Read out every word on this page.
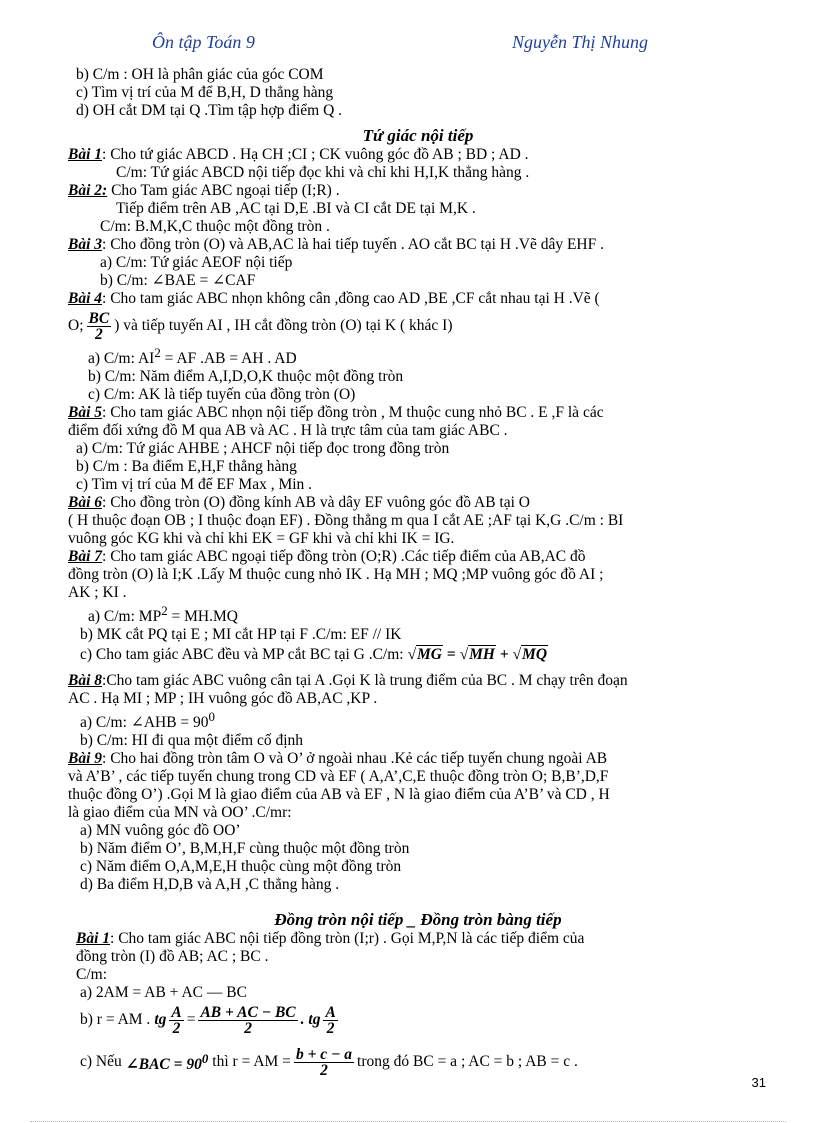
Ôn tập Toán 9	Nguyễn Thị Nhung
b) C/m : OH là phân giác của góc COM
c) Tìm vị trí của M để B,H, D thẳng hàng
d) OH cắt DM tại Q .Tìm tập hợp điểm Q .
Tứ giác nội tiếp
Bài 1: Cho tứ giác ABCD . Hạ CH ;CI ; CK vuông góc đồ AB ; BD ; AD .
C/m: Tứ giác ABCD nội tiếp đọc khi và chỉ khi H,I,K thẳng hàng .
Bài 2: Cho Tam giác ABC ngoại tiếp (I;R) .
Tiếp điểm trên AB ,AC tại D,E .BI và CI cắt DE tại M,K .
C/m: B.M,K,C thuộc một đồng tròn .
Bài 3: Cho đồng tròn (O) và AB,AC là hai tiếp tuyến . AO cắt BC tại H .Vẽ dây EHF .
a) C/m: Tứ giác AEOF nội tiếp
b) C/m: ∠BAE = ∠CAF
Bài 4: Cho tam giác ABC nhọn không cân ,đồng cao AD ,BE ,CF cắt nhau tại H .Vẽ (
O; $\frac{BC}{2}$ ) và tiếp tuyến AI , IH cắt đồng tròn (O) tại K ( khác I)
a) C/m: $AI^2$ = AF .AB = AH . AD
b) C/m: Năm điểm A,I,D,O,K thuộc một đồng tròn
c) C/m: AK là tiếp tuyến của đồng tròn (O)
Bài 5: Cho tam giác ABC nhọn nội tiếp đồng tròn , M thuộc cung nhỏ BC . E ,F là các
điểm đối xứng đồ M qua AB và AC . H là trực tâm của tam giác ABC .
a) C/m: Tứ giác AHBE ; AHCF nội tiếp đọc trong đồng tròn
b) C/m : Ba điểm E,H,F thẳng hàng
c) Tìm vị trí của M để EF Max , Min .
Bài 6: Cho đồng tròn (O) đồng kính AB và dây EF vuông góc đồ AB tại O
( H thuộc đoạn OB ; I thuộc đoạn EF) . Đồng thẳng m qua I cắt AE ;AF tại K,G .C/m : BI
vuông góc KG khi và chỉ khi EK = GF khi và chỉ khi IK = IG.
Bài 7: Cho tam giác ABC ngoại tiếp đồng tròn (O;R) .Các tiếp điểm của AB,AC đồ
đồng tròn (O) là I;K .Lấy M thuộc cung nhỏ IK . Hạ MH ; MQ ;MP vuông góc đồ AI ;
AK ; KI .
a) C/m: $MP^2 = MH.MQ$
b) MK cắt PQ tại E ; MI cắt HP tại F .C/m: EF // IK
c) Cho tam giác ABC đều và MP cắt BC tại G .C/m: √MG = √MH + √MQ
Bài 8:Cho tam giác ABC vuông cân tại A .Gọi K là trung điểm của BC . M chạy trên đoạn
AC . Hạ MI ; MP ; IH vuông góc đồ AB,AC ,KP .
a) C/m: ∠AHB = $90^0$
b) C/m: HI đi qua một điểm cố định
Bài 9: Cho hai đồng tròn tâm O và O’ ở ngoài nhau .Kẻ các tiếp tuyến chung ngoài AB
và A’B’ , các tiếp tuyến chung trong CD và EF ( A,A’,C,E thuộc đồng tròn O; B,B’,D,F
thuộc đồng O’) .Gọi M là giao điểm của AB và EF , N là giao điểm của A’B’ và CD , H
là giao điểm của MN và OO’ .C/mr:
a) MN vuông góc đồ OO’
b) Năm điểm O’, B,M,H,F cùng thuộc một đồng tròn
c) Năm điểm O,A,M,E,H thuộc cùng một đồng tròn
d) Ba điểm H,D,B và A,H ,C thẳng hàng .
Đồng tròn nội tiếp _ Đồng tròn bàng tiếp
Bài 1: Cho tam giác ABC nội tiếp đồng tròn (I;r) . Gọi M,P,N là các tiếp điểm của
đồng tròn (I) đồ AB; AC ; BC .
C/m:
a) 2AM = AB + AC — BC
b) r = AM . tg $\frac{A}{2} = \frac{AB + AC - BC}{2}$ . tg $\frac{A}{2}$
c) Nếu ∠BAC = $90^0$ thì r = AM = $\frac{b + c - a}{2}$ trong đó BC = a ; AC = b ; AB = c .
31
